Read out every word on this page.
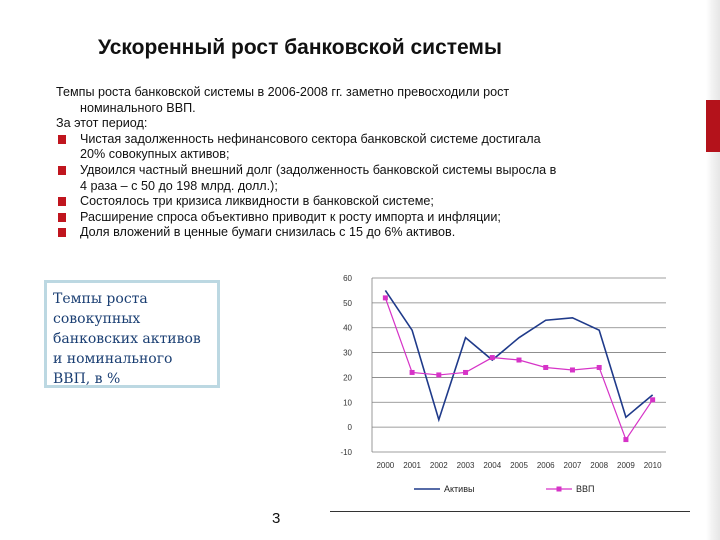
Ускоренный рост банковской системы

Темпы роста банковской системы в 2006-2008 гг. заметно превосходили рост
номинального ВВП.

За этот период:

Чистая задолженность нефинансового сектора банковской системе достигала
20% совокупных активов;
Удвоился частный внешний долг (задолженность банковской системы выросла в
4 раза – с 50 до 198 млрд. долл.);
Состоялось три кризиса ликвидности в банковской системе;
Расширение спроса объективно приводит к росту импорта и инфляции;
Доля вложений в ценные бумаги снизилась с 15 до 6% активов.
Темпы роста
совокупных
банковских активов
и номинального
ВВП, в %
60
50
40
30
20
10
0
-10
2000 2001 2002 2003 2004 2005 2006 2007 2008 2009 2010
Активы	ВВП
3
